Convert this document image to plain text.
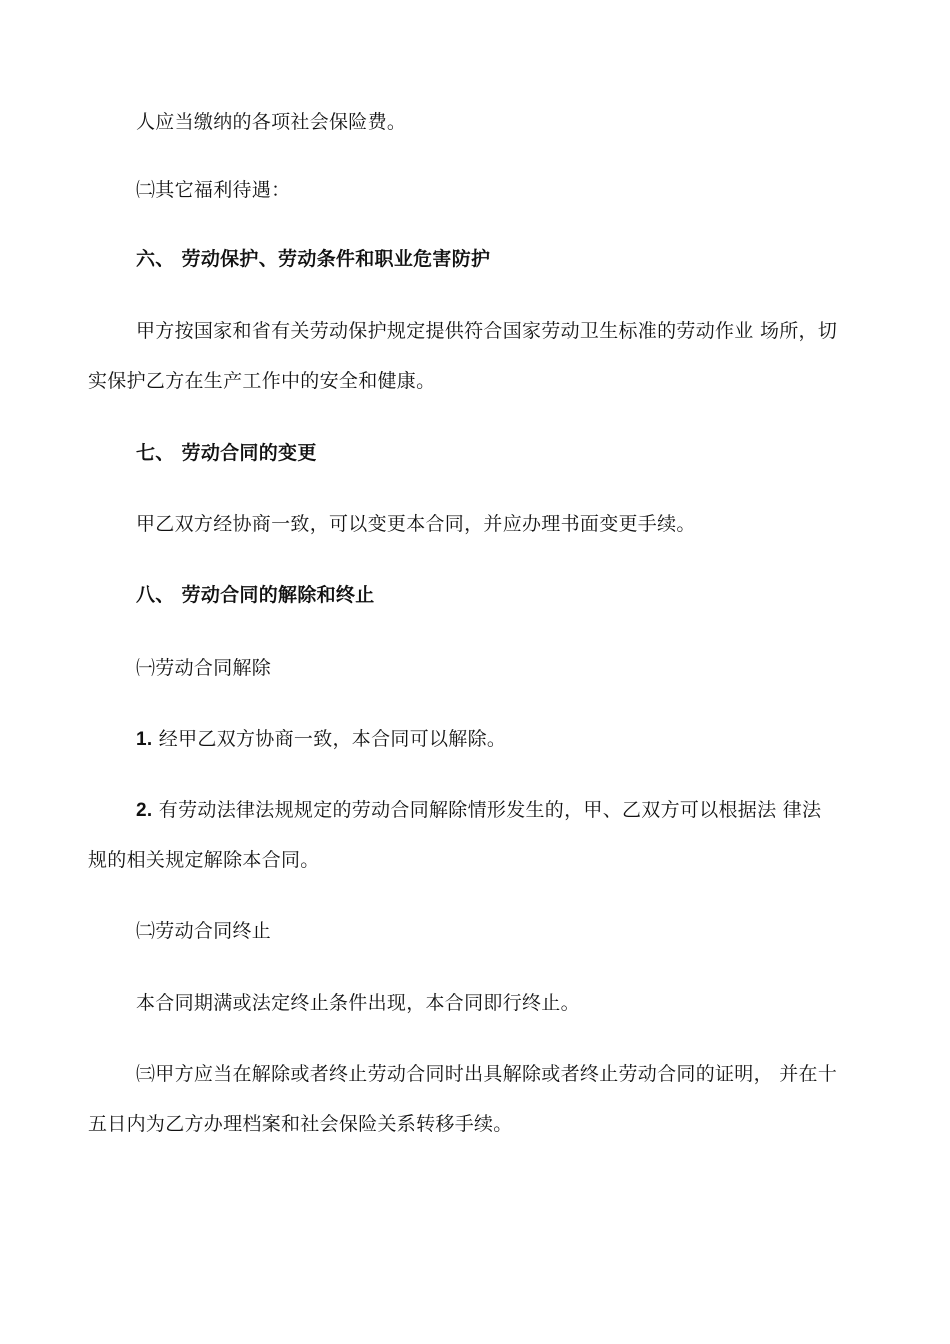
人应当缴纳的各项社会保险费。
㈡其它福利待遇：
六、 劳动保护、劳动条件和职业危害防护
甲方按国家和省有关劳动保护规定提供符合国家劳动卫生标准的劳动作业 场所，切
实保护乙方在生产工作中的安全和健康。
七、 劳动合同的变更
甲乙双方经协商一致，可以变更本合同，并应办理书面变更手续。
八、 劳动合同的解除和终止
㈠劳动合同解除
1. 经甲乙双方协商一致，本合同可以解除。
2. 有劳动法律法规规定的劳动合同解除情形发生的，甲、乙双方可以根据法 律法
规的相关规定解除本合同。
㈡劳动合同终止
本合同期满或法定终止条件出现，本合同即行终止。
㈢甲方应当在解除或者终止劳动合同时出具解除或者终止劳动合同的证明， 并在十
五日内为乙方办理档案和社会保险关系转移手续。
